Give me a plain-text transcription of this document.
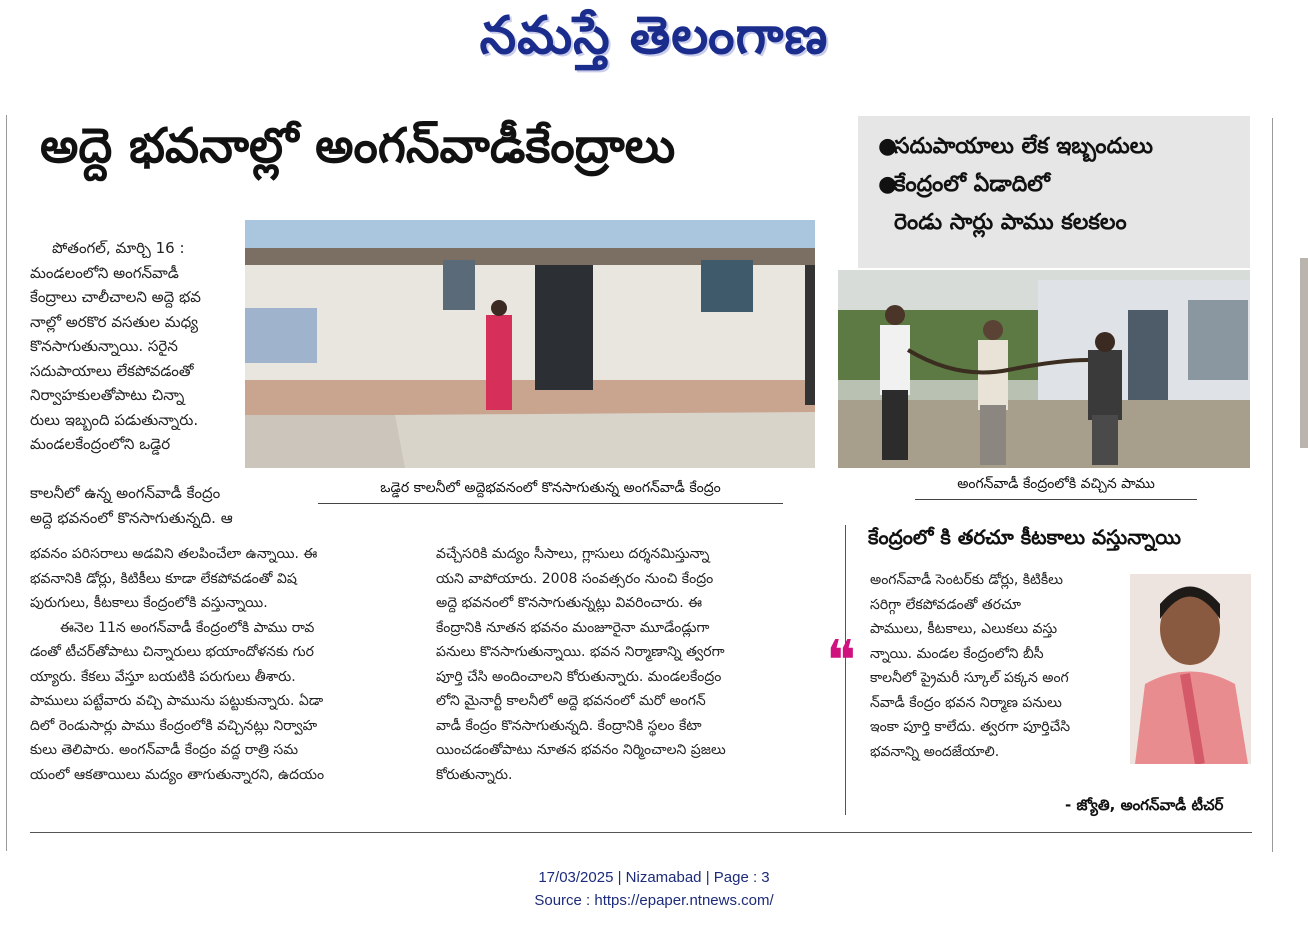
నమస్తే తెలంగాణ
అద్దె భవనాల్లో అంగన్‌వాడీకేంద్రాలు	●సదుపాయాలు లేక ఇబ్బందులు
●కేంద్రంలో ఏడాదిలో
రెండు సార్లు పాము కలకలం
పోతంగల్, మార్చి 16 :
మండలంలోని అంగన్‌వాడీ
కేంద్రాలు చాలీచాలని అద్దె భవ
నాల్లో అరకొర వసతుల మధ్య
కొనసాగుతున్నాయి. సరైన
సదుపాయాలు లేకపోవడంతో
నిర్వాహకులతోపాటు చిన్నా
రులు ఇబ్బంది పడుతున్నారు.
మండలకేంద్రంలోని ఒడ్డెర
కాలనీలో ఉన్న అంగన్‌వాడీ కేంద్రం
అద్దె భవనంలో కొనసాగుతున్నది. ఆ
భవనం పరిసరాలు అడవిని తలపించేలా ఉన్నాయి. ఈ
భవనానికి డోర్లు, కిటికీలు కూడా లేకపోవడంతో విష
పురుగులు, కీటకాలు కేంద్రంలోకి వస్తున్నాయి.
ఈనెల 11న అంగన్‌వాడీ కేంద్రంలోకి పాము రావ
డంతో టీచర్‌తోపాటు చిన్నారులు భయాందోళనకు గుర
య్యారు. కేకలు వేస్తూ బయటికి పరుగులు తీశారు.
పాములు పట్టేవారు వచ్చి పామును పట్టుకున్నారు. ఏడా
దిలో రెండుసార్లు పాము కేంద్రంలోకి వచ్చినట్లు నిర్వాహ
కులు తెలిపారు. అంగన్‌వాడీ కేంద్రం వద్ద రాత్రి సమ
యంలో ఆకతాయిలు మద్యం తాగుతున్నారని, ఉదయం
వచ్చేసరికి మద్యం సీసాలు, గ్లాసులు దర్శనమిస్తున్నా
యని వాపోయారు. 2008 సంవత్సరం నుంచి కేంద్రం
అద్దె భవనంలో కొనసాగుతున్నట్లు వివరించారు. ఈ
కేంద్రానికి నూతన భవనం మంజూరైనా మూడేండ్లుగా
పనులు కొనసాగుతున్నాయి. భవన నిర్మాణాన్ని త్వరగా
పూర్తి చేసి అందించాలని కోరుతున్నారు. మండలకేంద్రం
లోని మైనార్టీ కాలనీలో అద్దె భవనంలో మరో అంగన్
వాడీ కేంద్రం కొనసాగుతున్నది. కేంద్రానికి స్థలం కేటా
యించడంతోపాటు నూతన భవనం నిర్మించాలని ప్రజలు
కోరుతున్నారు.
ఒడ్డెర కాలనీలో అద్దెభవనంలో కొనసాగుతున్న అంగన్‌వాడీ కేంద్రం	అంగన్‌వాడీ కేంద్రంలోకి వచ్చిన పాము
కేంద్రంలో కి తరచూ కీటకాలు వస్తున్నాయి
❝
అంగన్‌వాడీ సెంటర్‌కు డోర్లు, కిటికీలు
సరిగ్గా లేకపోవడంతో తరచూ
పాములు, కీటకాలు, ఎలుకలు వస్తు
న్నాయి. మండల కేంద్రంలోని బీసీ
కాలనీలో ప్రైమరీ స్కూల్ పక్కన అంగ
న్‌వాడీ కేంద్రం భవన నిర్మాణ పనులు
ఇంకా పూర్తి కాలేదు. త్వరగా పూర్తిచేసి
భవనాన్ని అందజేయాలి.
- జ్యోతి, అంగన్‌వాడీ టీచర్
17/03/2025 | Nizamabad | Page : 3
Source : https://epaper.ntnews.com/
